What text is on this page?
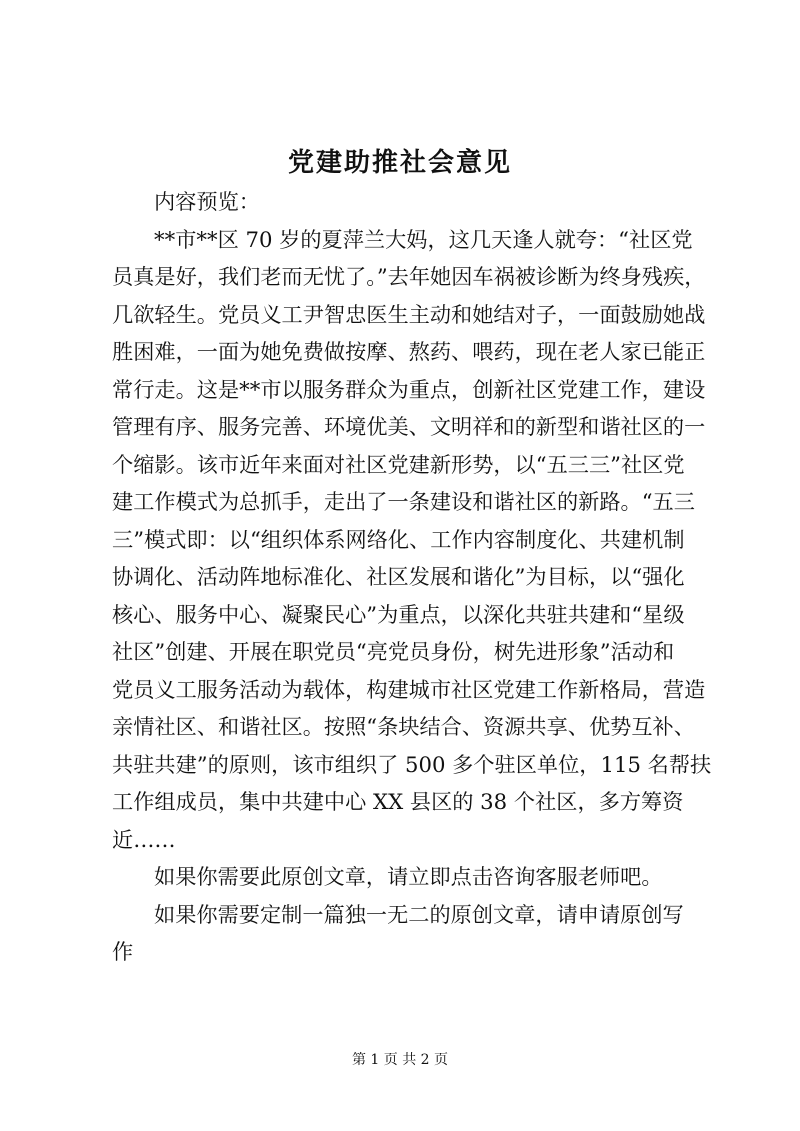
党建助推社会意见

内容预览：

**市**区 70 岁的夏萍兰大妈，这几天逢人就夸：“社区党
员真是好，我们老而无忧了。”去年她因车祸被诊断为终身残疾，
几欲轻生。党员义工尹智忠医生主动和她结对子，一面鼓励她战
胜困难，一面为她免费做按摩、熬药、喂药，现在老人家已能正
常行走。这是**市以服务群众为重点，创新社区党建工作，建设
管理有序、服务完善、环境优美、文明祥和的新型和谐社区的一
个缩影。该市近年来面对社区党建新形势，以“五三三”社区党
建工作模式为总抓手，走出了一条建设和谐社区的新路。“五三
三”模式即：以“组织体系网络化、工作内容制度化、共建机制
协调化、活动阵地标准化、社区发展和谐化”为目标，以“强化
核心、服务中心、凝聚民心”为重点，以深化共驻共建和“星级
社区”创建、开展在职党员“亮党员身份，树先进形象”活动和
党员义工服务活动为载体，构建城市社区党建工作新格局，营造
亲情社区、和谐社区。按照“条块结合、资源共享、优势互补、
共驻共建”的原则，该市组织了 500 多个驻区单位，115 名帮扶
工作组成员，集中共建中心 XX 县区的 38 个社区，多方筹资
近……

如果你需要此原创文章，请立即点击咨询客服老师吧。

如果你需要定制一篇独一无二的原创文章，请申请原创写作

第 1 页 共 2 页
